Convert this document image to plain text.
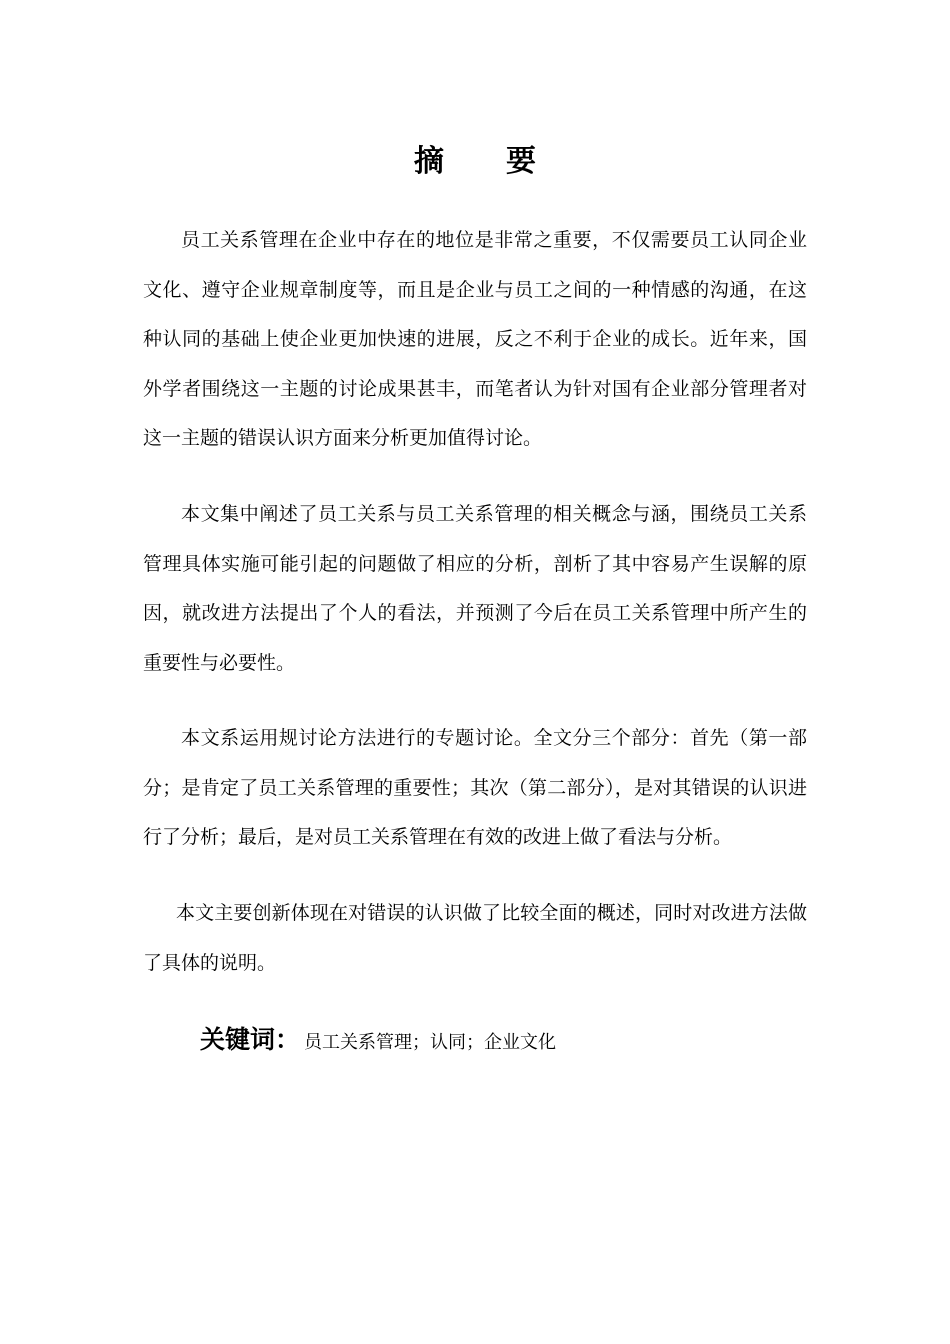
摘 要

员工关系管理在企业中存在的地位是非常之重要，不仅需要员工认同企业文化、遵守企业规章制度等，而且是企业与员工之间的一种情感的沟通，在这种认同的基础上使企业更加快速的进展，反之不利于企业的成长。近年来，国外学者围绕这一主题的讨论成果甚丰，而笔者认为针对国有企业部分管理者对这一主题的错误认识方面来分析更加值得讨论。

本文集中阐述了员工关系与员工关系管理的相关概念与涵，围绕员工关系管理具体实施可能引起的问题做了相应的分析，剖析了其中容易产生误解的原因，就改进方法提出了个人的看法，并预测了今后在员工关系管理中所产生的重要性与必要性。

本文系运用规讨论方法进行的专题讨论。全文分三个部分：首先（第一部分；是肯定了员工关系管理的重要性；其次（第二部分），是对其错误的认识进行了分析；最后，是对员工关系管理在有效的改进上做了看法与分析。

本文主要创新体现在对错误的认识做了比较全面的概述，同时对改进方法做了具体的说明。

关键词： 员工关系管理；认同；企业文化
